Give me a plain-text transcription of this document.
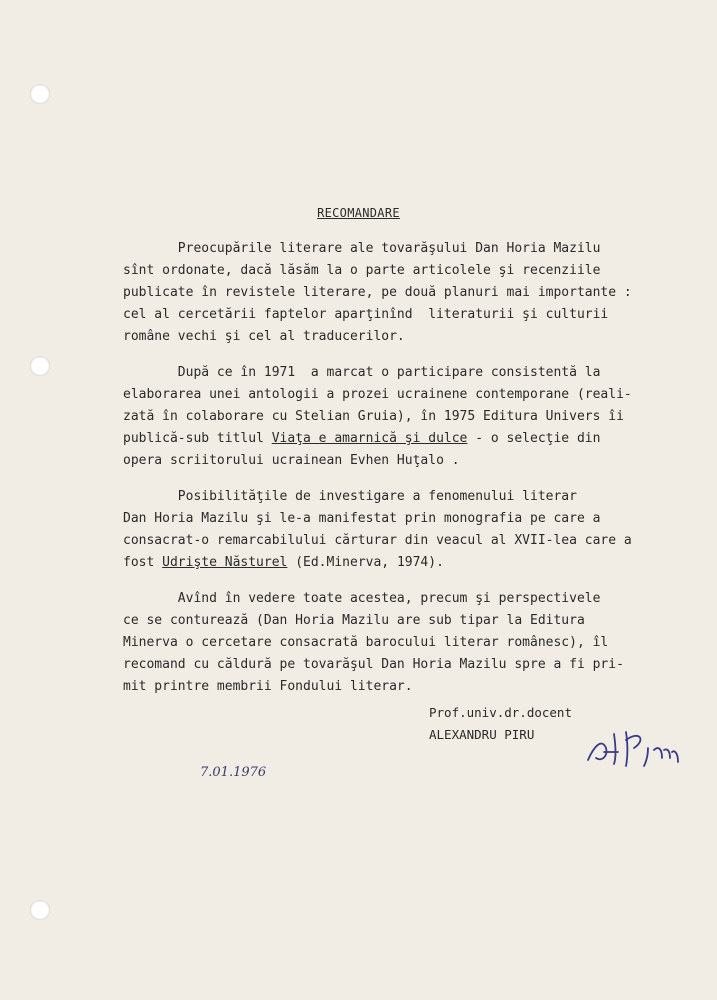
RECOMANDARE
Preocupările literare ale tovarăşului Dan Horia Mazilu
sînt ordonate, dacă lăsăm la o parte articolele şi recenziile
publicate în revistele literare, pe două planuri mai importante :
cel al cercetării faptelor aparţinînd  literaturii şi culturii
române vechi şi cel al traducerilor.
După ce în 1971  a marcat o participare consistentă la
elaborarea unei antologii a prozei ucrainene contemporane (reali-
zată în colaborare cu Stelian Gruia), în 1975 Editura Univers îi
publică-sub titlul Viaţa e amarnică şi dulce - o selecţie din
opera scriitorului ucrainean Evhen Huţalo .
Posibilităţile de investigare a fenomenului literar
Dan Horia Mazilu şi le-a manifestat prin monografia pe care a
consacrat-o remarcabilului cărturar din veacul al XVII-lea care a
fost Udrişte Năsturel (Ed.Minerva, 1974).
Avînd în vedere toate acestea, precum şi perspectivele
ce se conturează (Dan Horia Mazilu are sub tipar la Editura
Minerva o cercetare consacrată barocului literar românesc), îl
recomand cu căldură pe tovarăşul Dan Horia Mazilu spre a fi pri-
mit printre membrii Fondului literar.
Prof.univ.dr.docent
ALEXANDRU PIRU
7.01.1976
